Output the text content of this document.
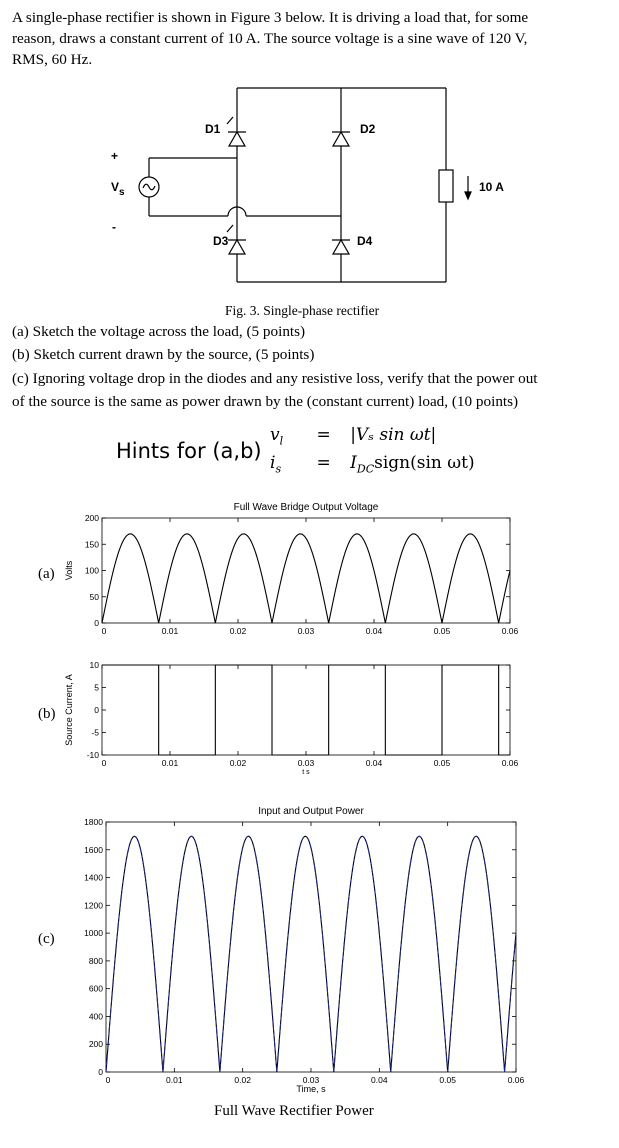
A single-phase rectifier is shown in Figure 3 below. It is driving a load that, for some
reason, draws a constant current of 10 A. The source voltage is a sine wave of 120 V,
RMS, 60 Hz.
D1	D2
D3	D4
+
-
$V_s$	10 A
Fig. 3. Single-phase rectifier
(a) Sketch the voltage across the load, (5 points)
(b) Sketch current drawn by the source, (5 points)
(c) Ignoring voltage drop in the diodes and any resistive loss, verify that the power out
of the source is the same as power drawn by the (constant current) load, (10 points)
Hints for (a,b)
$v_l = |V_s$ sin ωt|
$i_s$ = $I_{DC}sign(\sin$ ωt)
(a)
(b)
(c)
0	0.01	0.02	0.03	0.04	0.05	0.06
0
50
100
150
200
Full Wave Bridge Output Voltage
Volts
0	0.01	0.02	0.03	0.04	0.05	0.06
-10
-5
0
5
10
Source Current, A
t s
0	0.01	0.02	0.03	0.04	0.05	0.06
0
200
400
600
800
1000
1200
1400
1600
1800
Input and Output Power
Time, s
Full Wave Rectifier Power
